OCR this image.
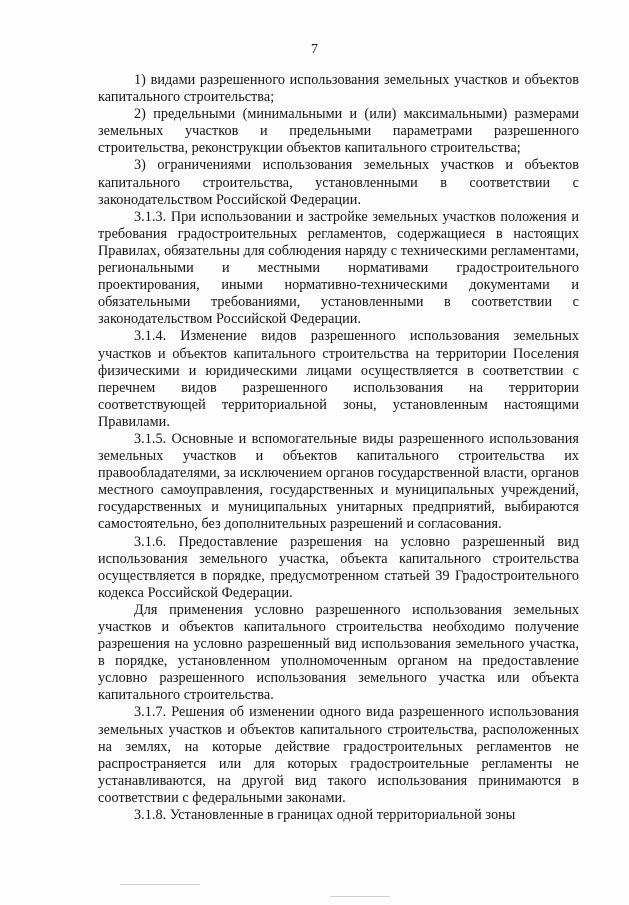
7

1) видами разрешенного использования земельных участков и объектов капитального строительства;

2) предельными (минимальными и (или) максимальными) размерами земельных участков и предельными параметрами разрешенного строительства, реконструкции объектов капитального строительства;

3) ограничениями использования земельных участков и объектов капитального строительства, установленными в соответствии с законодательством Российской Федерации.

3.1.3. При использовании и застройке земельных участков положения и требования градостроительных регламентов, содержащиеся в настоящих Правилах, обязательны для соблюдения наряду с техническими регламентами, региональными и местными нормативами градостроительного проектирования, иными нормативно-техническими документами и обязательными требованиями, установленными в соответствии с законодательством Российской Федерации.

3.1.4. Изменение видов разрешенного использования земельных участков и объектов капитального строительства на территории Поселения физическими и юридическими лицами осуществляется в соответствии с перечнем видов разрешенного использования на территории соответствующей территориальной зоны, установленным настоящими Правилами.

3.1.5. Основные и вспомогательные виды разрешенного использования земельных участков и объектов капитального строительства их правообладателями, за исключением органов государственной власти, органов местного самоуправления, государственных и муниципальных учреждений, государственных и муниципальных унитарных предприятий, выбираются самостоятельно, без дополнительных разрешений и согласования.

3.1.6. Предоставление разрешения на условно разрешенный вид использования земельного участка, объекта капитального строительства осуществляется в порядке, предусмотренном статьей 39 Градостроительного кодекса Российской Федерации.

Для применения условно разрешенного использования земельных участков и объектов капитального строительства необходимо получение разрешения на условно разрешенный вид использования земельного участка, в порядке, установленном уполномоченным органом на предоставление условно разрешенного использования земельного участка или объекта капитального строительства.

3.1.7. Решения об изменении одного вида разрешенного использования земельных участков и объектов капитального строительства, расположенных на землях, на которые действие градостроительных регламентов не распространяется или для которых градостроительные регламенты не устанавливаются, на другой вид такого использования принимаются в соответствии с федеральными законами.

3.1.8. Установленные в границах одной территориальной зоны
